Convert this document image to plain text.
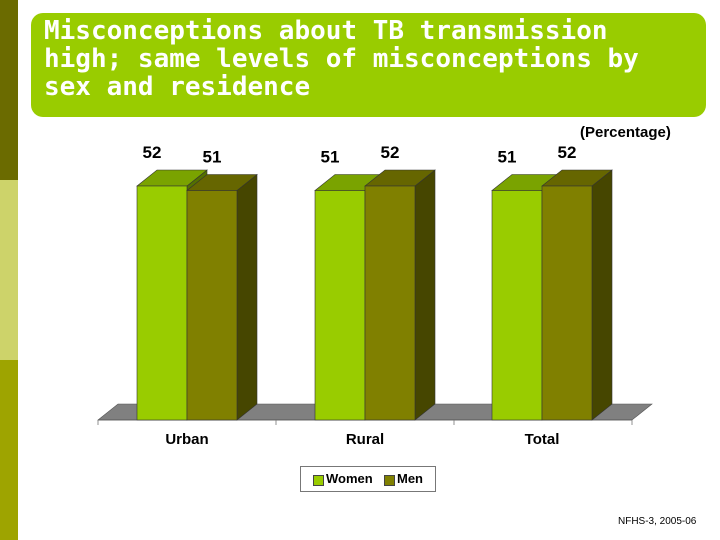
Misconceptions about TB transmission high; same levels of misconceptions by sex and residence
(Percentage)
52 51
Urban
51 52
Rural
51 52
Total
Women Men
NFHS-3, 2005-06
